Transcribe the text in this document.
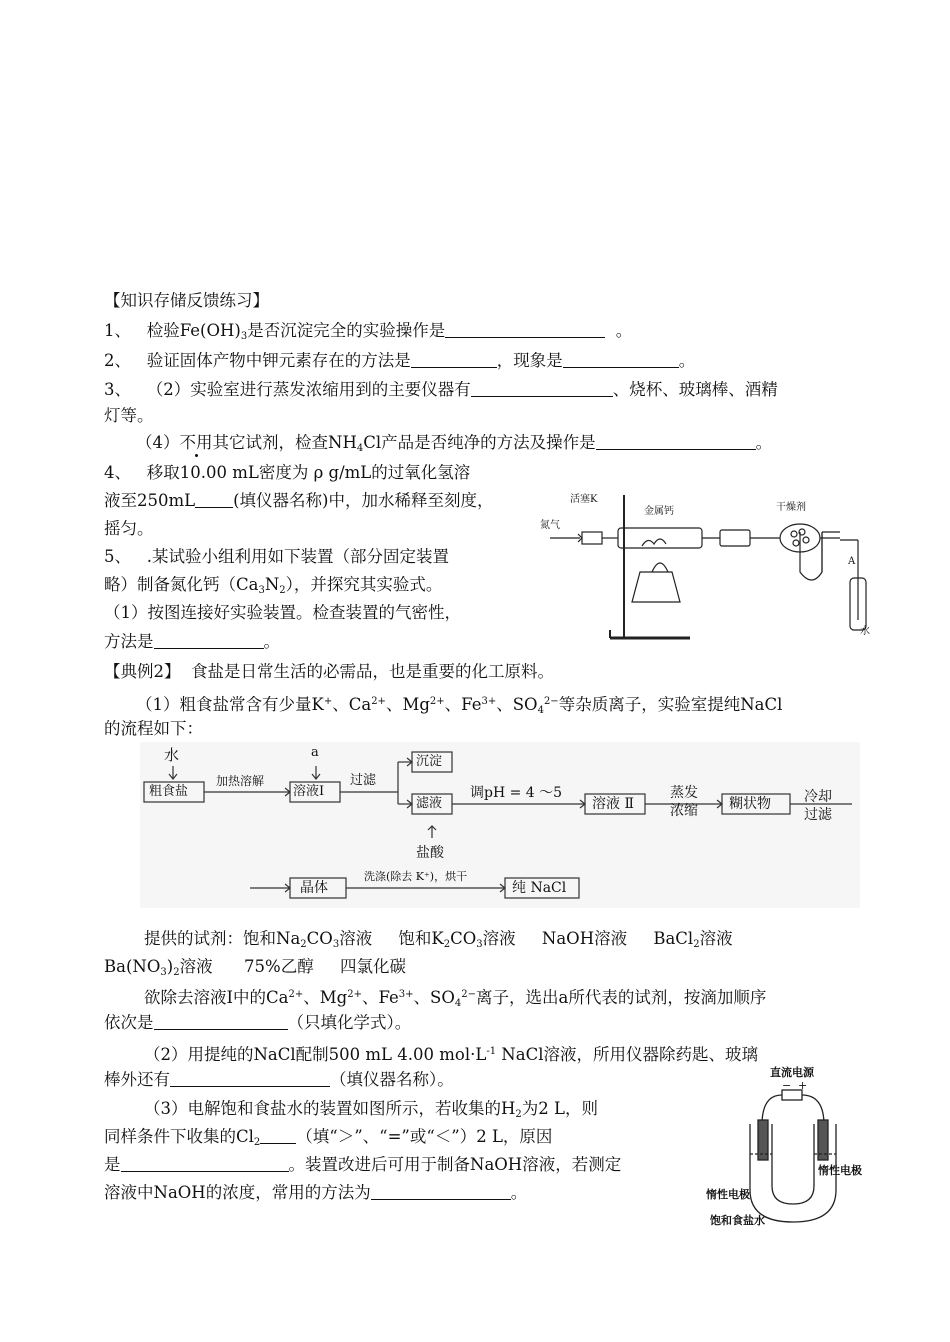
【知识存储反馈练习】
1、 检验$Fe(OH)_3$是否沉淀完全的实验操作是	。
2、 验证固体产物中钾元素存在的方法是	，现象是	。
3、 （2）实验室进行蒸发浓缩用到的主要仪器有	、烧杯、玻璃棒、酒精
灯等。
（4）不用其它试剂，检查$NH_4Cl$产品是否纯净的方法及操作是	。
4、 移取10.00 mL密度为 ρ g/mL的过氧化氢溶
液至250mL (填仪器名称)中，加水稀释至刻度，
摇匀。
5、 .某试验小组利用如下装置（部分固定装置
略）制备氮化钙$(Ca_3N_2)$，并探究其实验式。
（1）按图连接好实验装置。检查装置的气密性，
方法是	。
活塞K
氮气
金属钙	干燥剂
A
水
【典例2】 食盐是日常生活的必需品，也是重要的化工原料。
（1）粗食盐常含有少量K+、$Ca^{2+}$、$Mg^{2+}$、$Fe^{3+}$、$SO_4^{2-}$等杂质离子，实验室提纯NaCl
的流程如下：
水	a
粗食盐
加热溶解
溶液Ⅰ
过滤
沉淀
滤液
调pH = 4 ～5
溶液 Ⅱ
蒸发
浓缩 糊状物 冷却
过滤
盐酸
晶体
洗涤(除去 K⁺)，烘干
纯 NaCl
提供的试剂：饱和$Na_2CO_3$溶液 饱和$K_2CO_3$溶液 NaOH溶液 BaCl$_2$溶液
$Ba(NO_3)_2$溶液 75%乙醇 四氯化碳
欲除去溶液Ⅰ中的$Ca^{2+}$、$Mg^{2+}$、$Fe^{3+}$、$SO_4^{2-}$离子，选出a所代表的试剂，按滴加顺序
依次是	（只填化学式）。
（2）用提纯的NaCl配制500 mL 4.00 $mol\cdot L^{-1}$ NaCl溶液，所用仪器除药匙、玻璃
棒外还有	（填仪器名称）。
（3）电解饱和食盐水的装置如图所示，若收集的$H_2$为2 L，则
同样条件下收集的$Cl_2$ （填“＞”、“=”或“＜”）2 L，原因
是	。装置改进后可用于制备NaOH溶液，若测定
溶液中NaOH的浓度，常用的方法为	。
直流电源
− +
惰性电极
惰性电极
饱和食盐水
